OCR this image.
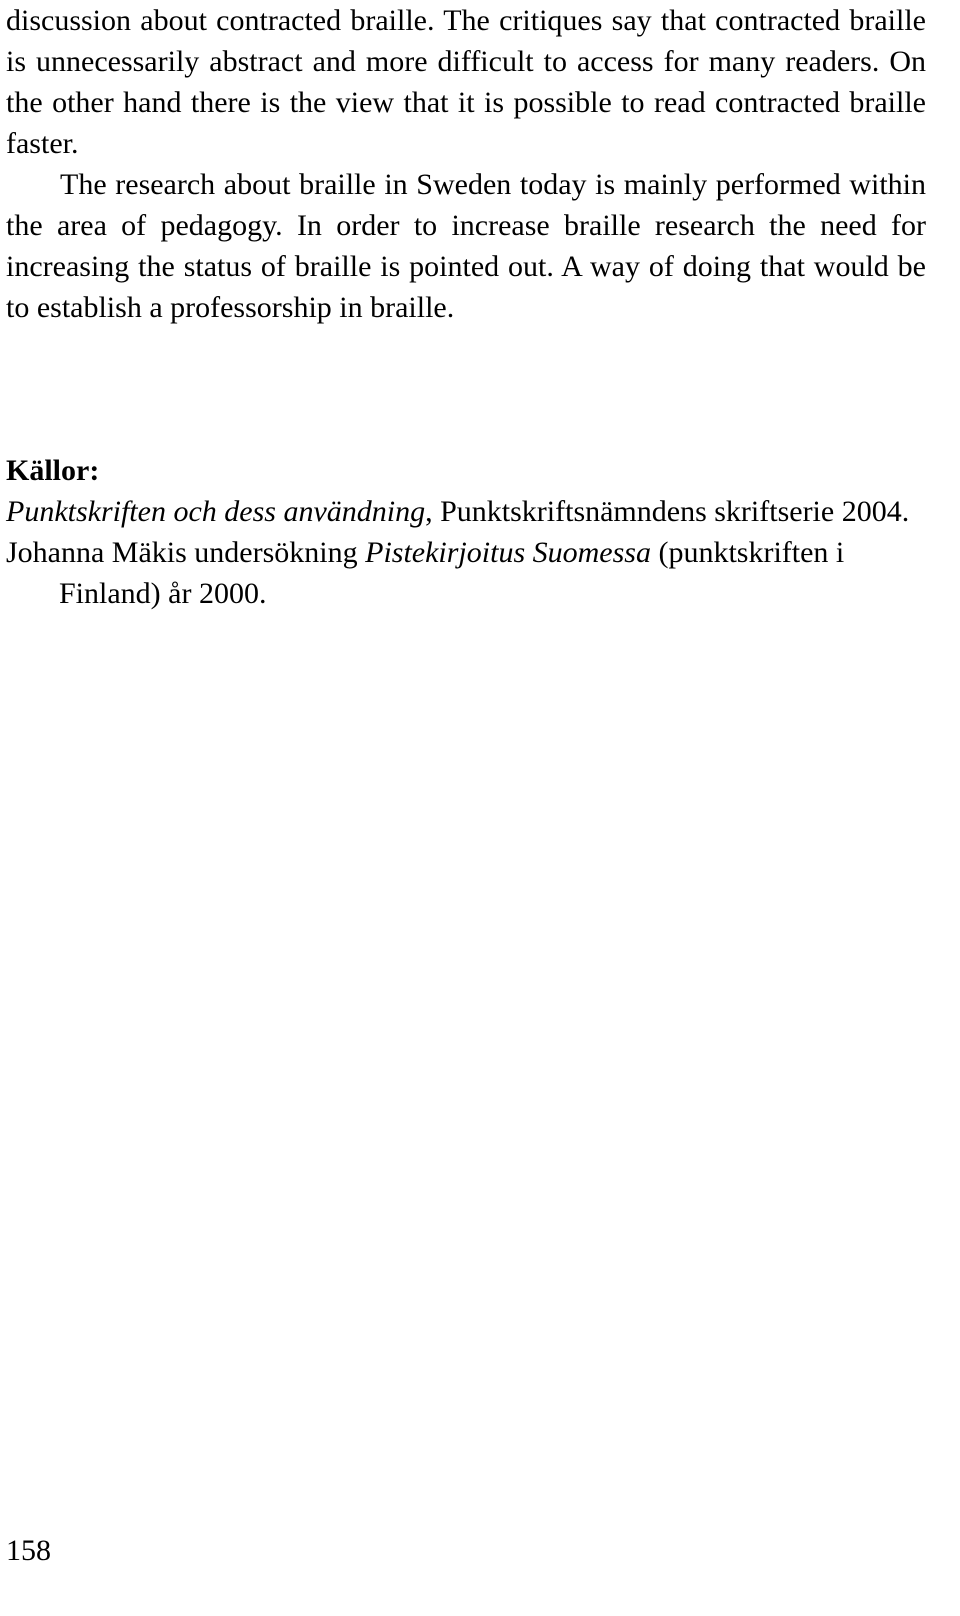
discussion about contracted braille. The critiques say that contracted braille is unnecessarily abstract and more difficult to access for many readers. On the other hand there is the view that it is possible to read contracted braille faster.

The research about braille in Sweden today is mainly performed within the area of pedagogy. In order to increase braille research the need for increasing the status of braille is pointed out. A way of doing that would be to establish a professorship in braille.

Källor:

Punktskriften och dess användning, Punktskriftsnämndens skriftserie 2004.

Johanna Mäkis undersökning Pistekirjoitus Suomessa (punktskriften i Finland) år 2000.

158
